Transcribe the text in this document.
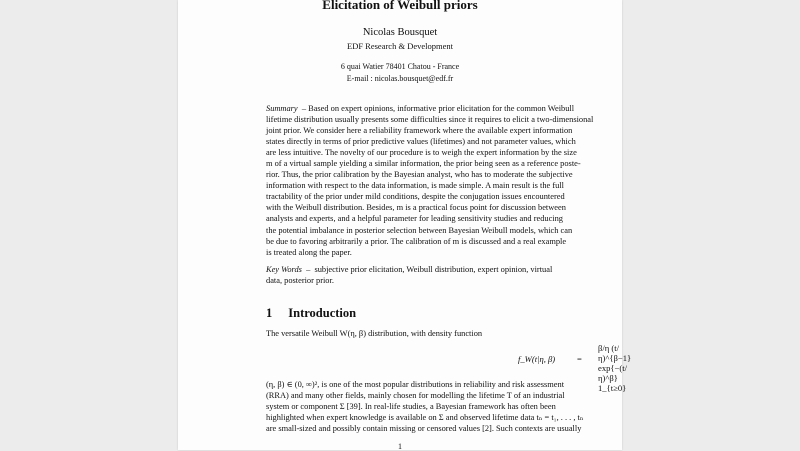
Elicitation of Weibull priors
Nicolas Bousquet
EDF Research & Development
6 quai Watier 78401 Chatou - France
E-mail : nicolas.bousquet@edf.fr
Summary – Based on expert opinions, informative prior elicitation for the common Weibull
lifetime distribution usually presents some difficulties since it requires to elicit a two-dimensional
joint prior. We consider here a reliability framework where the available expert information
states directly in terms of prior predictive values (lifetimes) and not parameter values, which
are less intuitive. The novelty of our procedure is to weigh the expert information by the size
m of a virtual sample yielding a similar information, the prior being seen as a reference poste-
rior. Thus, the prior calibration by the Bayesian analyst, who has to moderate the subjective
information with respect to the data information, is made simple. A main result is the full
tractability of the prior under mild conditions, despite the conjugation issues encountered
with the Weibull distribution. Besides, m is a practical focus point for discussion between
analysts and experts, and a helpful parameter for leading sensitivity studies and reducing
the potential imbalance in posterior selection between Bayesian Weibull models, which can
be due to favoring arbitrarily a prior. The calibration of m is discussed and a real example
is treated along the paper.
Key Words – subjective prior elicitation, Weibull distribution, expert opinion, virtual
data, posterior prior.
1 Introduction
The versatile Weibull W(η, β) distribution, with density function
f_W(t|η, β)	=
β/η (t/η)^{β−1} exp{−(t/η)^β} 1_{t≥0}
(η, β) ∈ (0, ∞)², is one of the most popular distributions in reliability and risk assessment
(RRA) and many other fields, mainly chosen for modelling the lifetime T of an industrial
system or component Σ [39]. In real-life studies, a Bayesian framework has often been
highlighted when expert knowledge is available on Σ and observed lifetime data tₙ = t₁, . . . , tₙ
are small-sized and possibly contain missing or censored values [2]. Such contexts are usually
1
